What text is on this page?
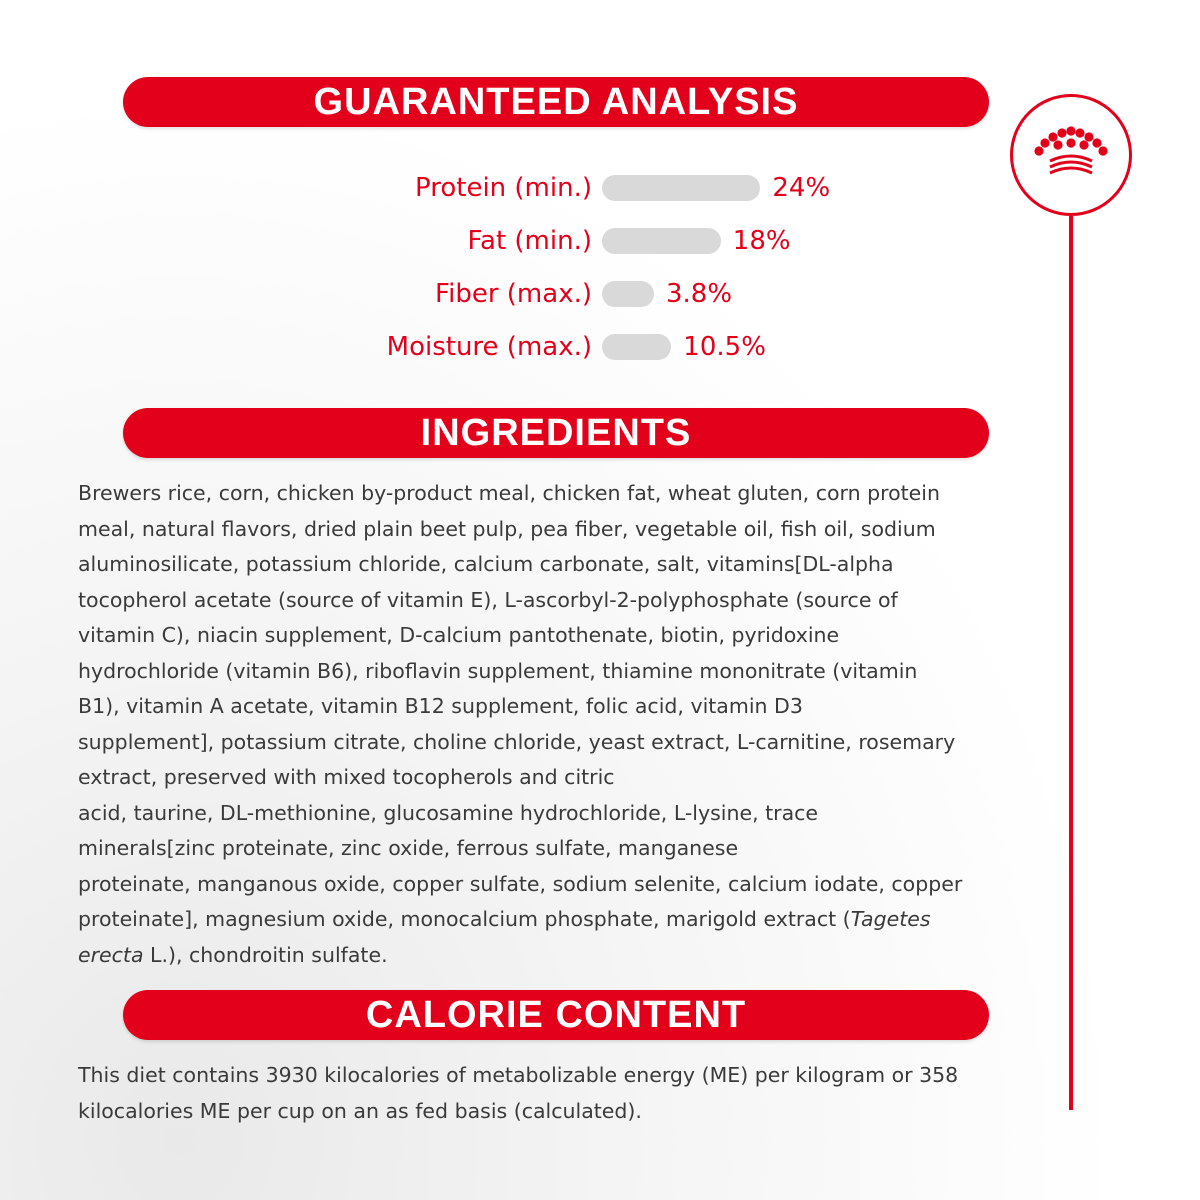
GUARANTEED ANALYSIS
Protein (min.)	24%
Fat (min.)	18%
Fiber (max.)	3.8%
Moisture (max.)	10.5%
INGREDIENTS
Brewers rice, corn, chicken by-product meal, chicken fat, wheat gluten, corn protein
meal, natural flavors, dried plain beet pulp, pea fiber, vegetable oil, fish oil, sodium
aluminosilicate, potassium chloride, calcium carbonate, salt, vitamins[DL-alpha
tocopherol acetate (source of vitamin E), L-ascorbyl-2-polyphosphate (source of
vitamin C), niacin supplement, D-calcium pantothenate, biotin, pyridoxine
hydrochloride (vitamin B6), riboflavin supplement, thiamine mononitrate (vitamin
B1), vitamin A acetate, vitamin B12 supplement, folic acid, vitamin D3
supplement], potassium citrate, choline chloride, yeast extract, L-carnitine, rosemary
extract, preserved with mixed tocopherols and citric
acid, taurine, DL-methionine, glucosamine hydrochloride, L-lysine, trace
minerals[zinc proteinate, zinc oxide, ferrous sulfate, manganese
proteinate, manganous oxide, copper sulfate, sodium selenite, calcium iodate, copper
proteinate], magnesium oxide, monocalcium phosphate, marigold extract (Tagetes
erecta L.), chondroitin sulfate.
CALORIE CONTENT
This diet contains 3930 kilocalories of metabolizable energy (ME) per kilogram or 358
kilocalories ME per cup on an as fed basis (calculated).
